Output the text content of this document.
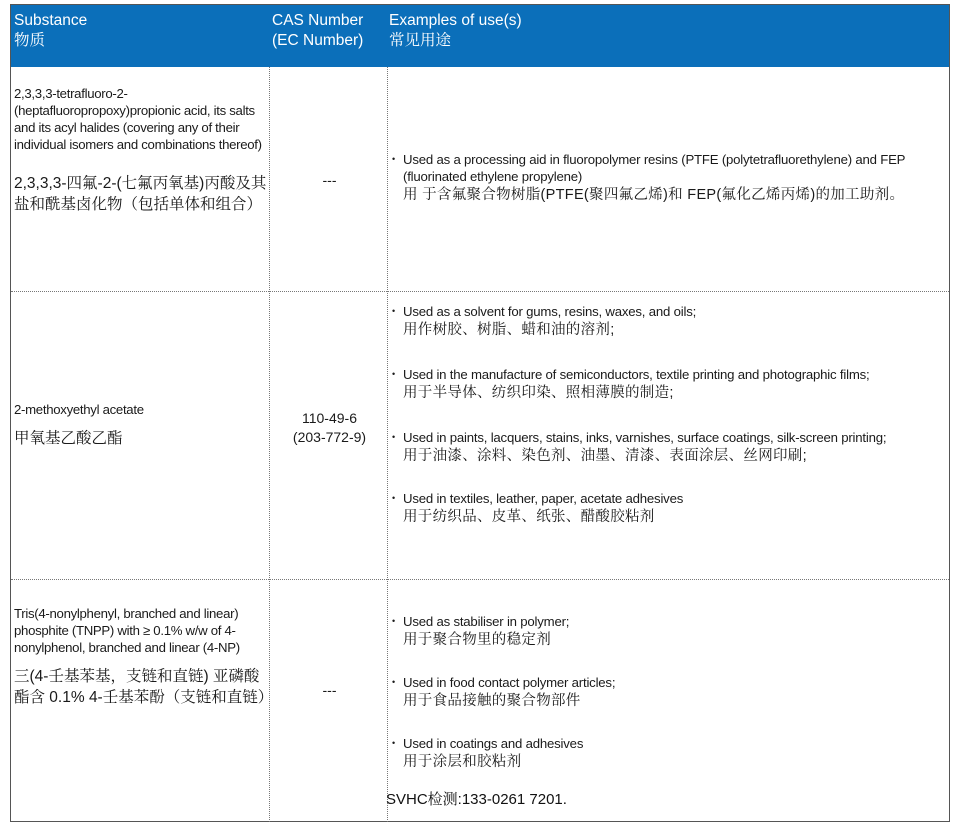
Substance
物质
CAS Number
(EC Number)
Examples of use(s)
常见用途
2,3,3,3-tetrafluoro-2-(heptafluoropropoxy)propionic acid, its salts and its acyl halides (covering any of their individual isomers and combinations thereof)
2,3,3,3-四氟-2-(七氟丙氧基)丙酸及其盐和酰基卤化物（包括单体和组合）
---
• Used as a processing aid in fluoropolymer resins (PTFE (polytetrafluorethylene) and FEP (fluorinated ethylene propylene)
用 于含氟聚合物树脂(PTFE(聚四氟乙烯)和 FEP(氟化乙烯丙烯)的加工助剂。
2-methoxyethyl acetate
甲氧基乙酸乙酯
110-49-6
(203-772-9)
• Used as a solvent for gums, resins, waxes, and oils;
用作树胶、树脂、蜡和油的溶剂;
• Used in the manufacture of semiconductors, textile printing and photographic films;
用于半导体、纺织印染、照相薄膜的制造;
• Used in paints, lacquers, stains, inks, varnishes, surface coatings, silk-screen printing;
用于油漆、涂料、染色剂、油墨、清漆、表面涂层、丝网印刷;
• Used in textiles, leather, paper, acetate adhesives
用于纺织品、皮革、纸张、醋酸胶粘剂
Tris(4-nonylphenyl, branched and linear) phosphite (TNPP) with ≥ 0.1% w/w of 4-nonylphenol, branched and linear (4-NP)
三(4-壬基苯基，支链和直链) 亚磷酸酯含 0.1% 4-壬基苯酚（支链和直链）	---
• Used as stabiliser in polymer;
用于聚合物里的稳定剂
• Used in food contact polymer articles;
用于食品接触的聚合物部件
• Used in coatings and adhesives
用于涂层和胶粘剂
SVHC检测:133-0261 7201.
